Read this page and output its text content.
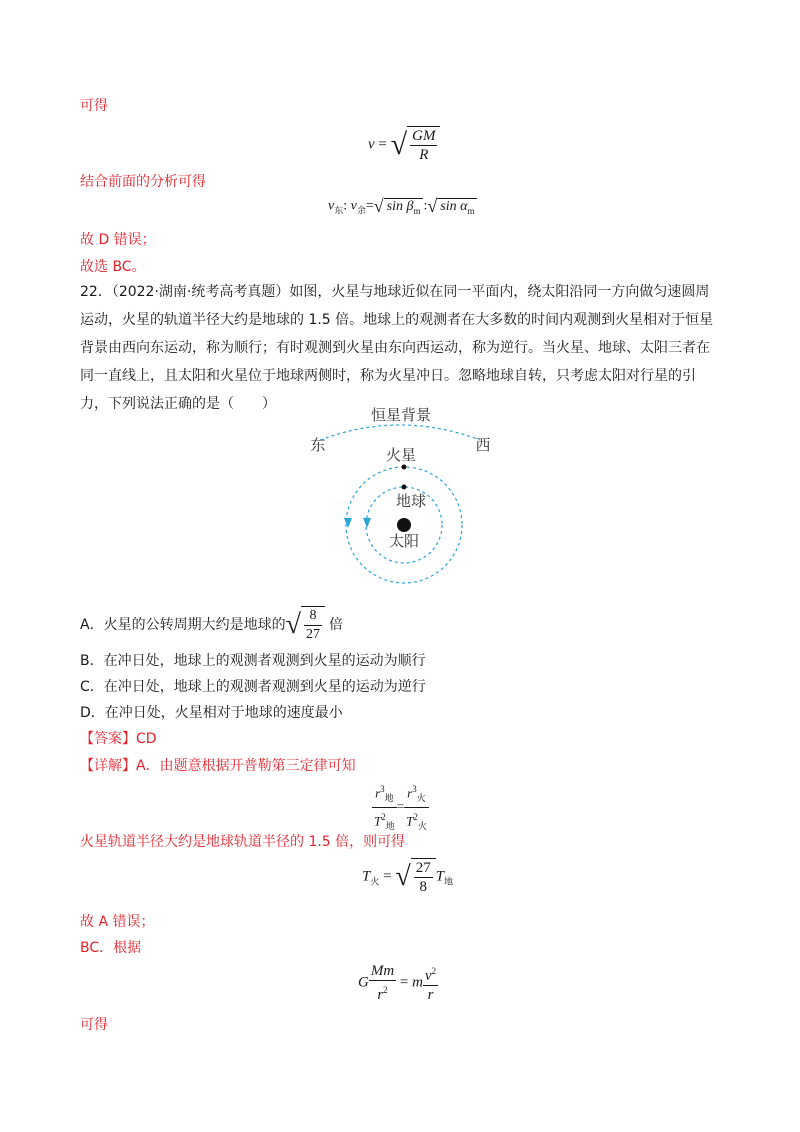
可得
v = √ $\frac{GM}{R}$
结合前面的分析可得
$v_东$: $v_余=√$ $\sin \beta_m$ :√ $\sin \alpha_m$
故 D 错误；
故选 BC。
22．（2022·湖南·统考高考真题）如图，火星与地球近似在同一平面内，绕太阳沿同一方向做匀速圆周运动，火星的轨道半径大约是地球的 1.5 倍。地球上的观测者在大多数的时间内观测到火星相对于恒星背景由西向东运动，称为顺行；有时观测到火星由东向西运动，称为逆行。当火星、地球、太阳三者在同一直线上，且太阳和火星位于地球两侧时，称为火星冲日。忽略地球自转，只考虑太阳对行星的引力，下列说法正确的是（　　）
恒星背景
东	西
火星
地球
太阳
A．火星的公转周期大约是地球的√ $\frac{8}{27}$ 倍
B．在冲日处，地球上的观测者观测到火星的运动为顺行
C．在冲日处，地球上的观测者观测到火星的运动为逆行
D．在冲日处，火星相对于地球的速度最小
【答案】CD
【详解】A．由题意根据开普勒第三定律可知
$\frac{r^3_地}{T^2_地} = \frac{r^3_火}{T^2_火}$
火星轨道半径大约是地球轨道半径的 1.5 倍，则可得
$T_火$ = √ $\frac{27}{8} T_地$
故 A 错误；
BC．根据
G $\frac{Mm}{r^2} = m \frac{v^2}{r}$
可得
